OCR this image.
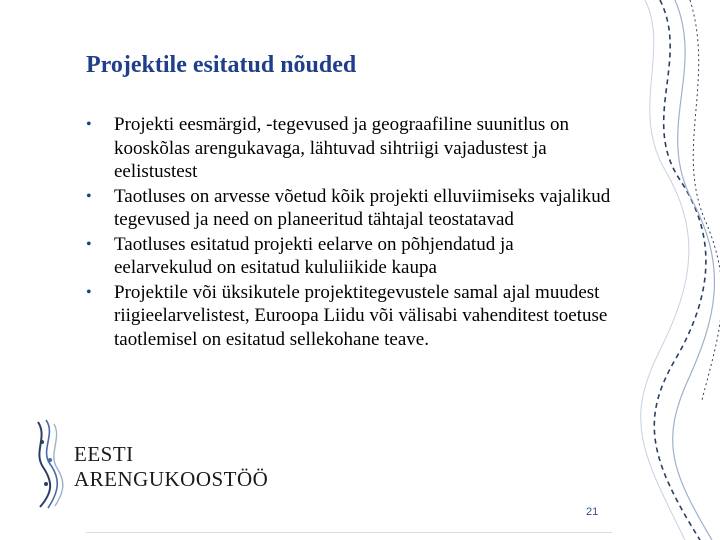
Projektile esitatud nõuded
• Projekti eesmärgid, -tegevused ja geograafiline suunitlus on kooskõlas arengukavaga, lähtuvad sihtriigi vajadustest ja eelistustest
• Taotluses on arvesse võetud kõik projekti elluviimiseks vajalikud tegevused ja need on planeeritud tähtajal teostatavad
• Taotluses esitatud projekti eelarve on põhjendatud ja eelarvekulud on esitatud kululiikide kaupa
• Projektile või üksikutele projektitegevustele samal ajal muudest riigieelarvelistest, Euroopa Liidu või välisabi vahenditest toetuse taotlemisel on esitatud sellekohane teave.
EESTI
ARENGUKOOSTÖÖ
21
